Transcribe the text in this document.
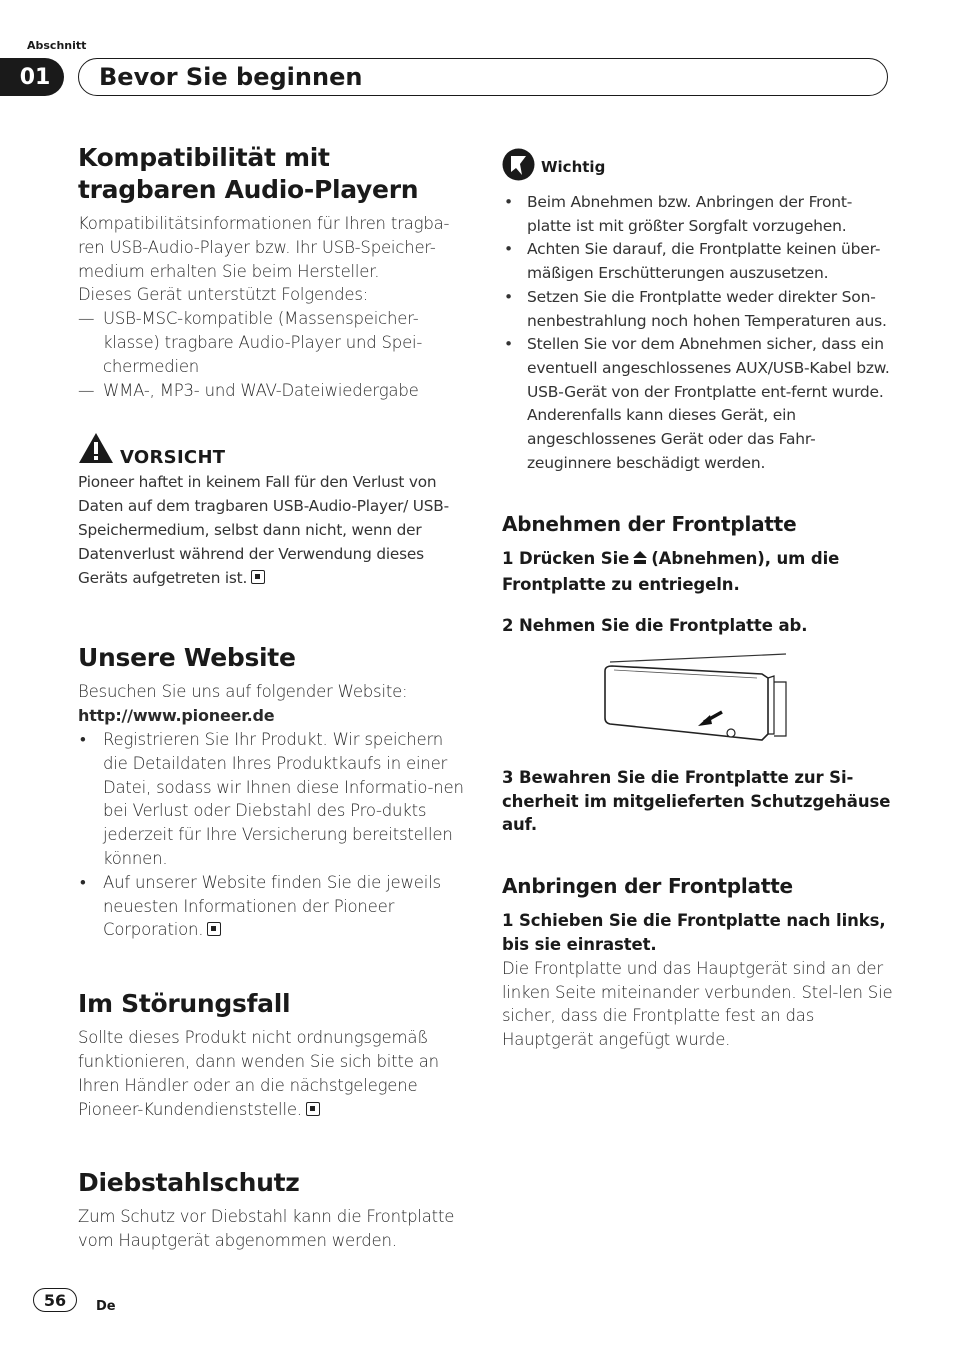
Abschnitt
01	Bevor Sie beginnen
Kompatibilität mit
tragbaren Audio-Playern

Kompatibilitätsinformationen für Ihren tragba-ren USB-Audio-Player bzw. Ihr USB-Speicher-medium erhalten Sie beim Hersteller.

Dieses Gerät unterstützt Folgendes:

— USB-MSC-kompatible (Massenspeicher-klasse) tragbare Audio-Player und Spei-chermedien
— WMA-, MP3- und WAV-Dateiwiedergabe
VORSICHT

Pioneer haftet in keinem Fall für den Verlust von Daten auf dem tragbaren USB-Audio-Player/ USB-Speichermedium, selbst dann nicht, wenn der Datenverlust während der Verwendung dieses Geräts aufgetreten ist.

Unsere Website

Besuchen Sie uns auf folgender Website:

http://www.pioneer.de

• Registrieren Sie Ihr Produkt. Wir speichern die Detaildaten Ihres Produktkaufs in einer Datei, sodass wir Ihnen diese Informatio-nen bei Verlust oder Diebstahl des Pro-dukts jederzeit für Ihre Versicherung bereitstellen können.
• Auf unserer Website finden Sie die jeweils neuesten Informationen der Pioneer Corporation.
Im Störungsfall

Sollte dieses Produkt nicht ordnungsgemäß funktionieren, dann wenden Sie sich bitte an Ihren Händler oder an die nächstgelegene Pioneer-Kundendienststelle.

Diebstahlschutz

Zum Schutz vor Diebstahl kann die Frontplatte vom Hauptgerät abgenommen werden.

Wichtig
• Beim Abnehmen bzw. Anbringen der Front-platte ist mit größter Sorgfalt vorzugehen.
• Achten Sie darauf, die Frontplatte keinen über-mäßigen Erschütterungen auszusetzen.
• Setzen Sie die Frontplatte weder direkter Son-nenbestrahlung noch hohen Temperaturen aus.
• Stellen Sie vor dem Abnehmen sicher, dass ein eventuell angeschlossenes AUX/USB-Kabel bzw. USB-Gerät von der Frontplatte ent-fernt wurde. Anderenfalls kann dieses Gerät, ein angeschlossenes Gerät oder das Fahr-zeuginnere beschädigt werden.
Abnehmen der Frontplatte

1 Drücken Sie (Abnehmen), um die Frontplatte zu entriegeln.

2 Nehmen Sie die Frontplatte ab.

3 Bewahren Sie die Frontplatte zur Si-cherheit im mitgelieferten Schutzgehäuse auf.

Anbringen der Frontplatte

1 Schieben Sie die Frontplatte nach links, bis sie einrastet.

Die Frontplatte und das Hauptgerät sind an der linken Seite miteinander verbunden. Stel-len Sie sicher, dass die Frontplatte fest an das Hauptgerät angefügt wurde.

56	De
